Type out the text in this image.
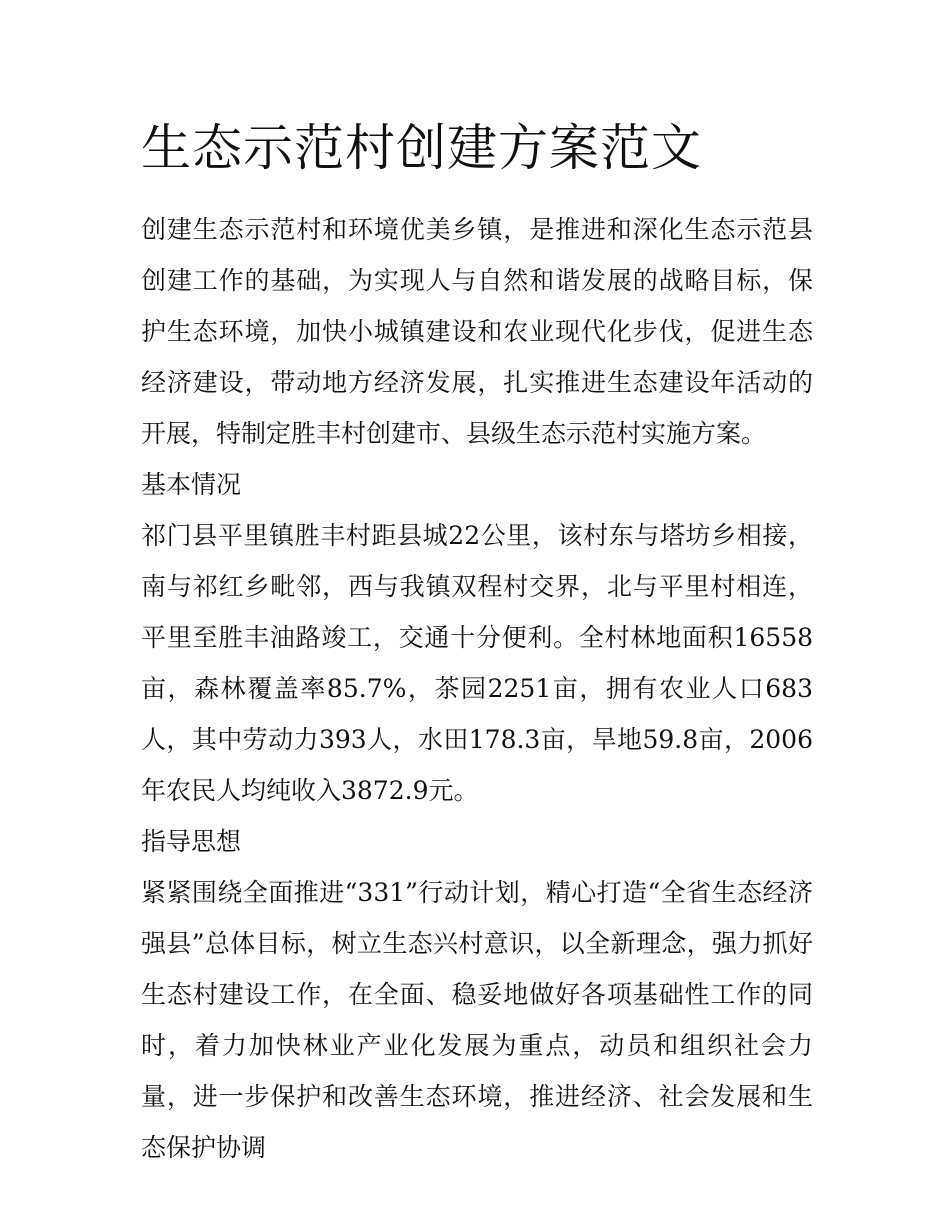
生态示范村创建方案范文

创建生态示范村和环境优美乡镇，是推进和深化生态示范县创建工作的基础，为实现人与自然和谐发展的战略目标，保护生态环境，加快小城镇建设和农业现代化步伐，促进生态经济建设，带动地方经济发展，扎实推进生态建设年活动的开展，特制定胜丰村创建市、县级生态示范村实施方案。

基本情况

祁门县平里镇胜丰村距县城22公里，该村东与塔坊乡相接，南与祁红乡毗邻，西与我镇双程村交界，北与平里村相连，平里至胜丰油路竣工，交通十分便利。全村林地面积16558亩，森林覆盖率85.7%，茶园2251亩，拥有农业人口683人，其中劳动力393人，水田178.3亩，旱地59.8亩，2006年农民人均纯收入3872.9元。

指导思想

紧紧围绕全面推进“331”行动计划，精心打造“全省生态经济强县”总体目标，树立生态兴村意识，以全新理念，强力抓好生态村建设工作，在全面、稳妥地做好各项基础性工作的同时，着力加快林业产业化发展为重点，动员和组织社会力量，进一步保护和改善生态环境，推进经济、社会发展和生态保护协调
